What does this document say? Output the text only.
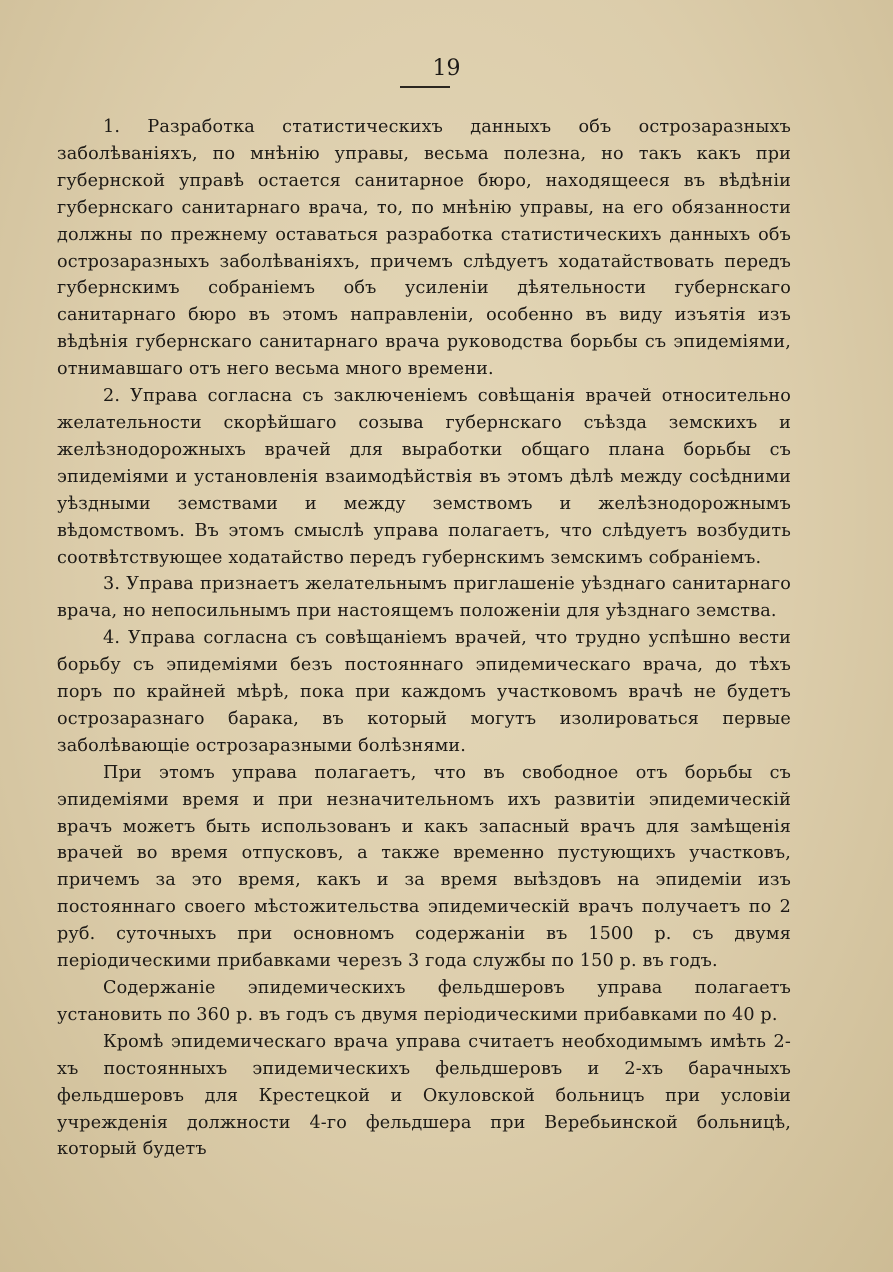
19

1. Разработка статистическихъ данныхъ объ острозаразныхъ заболѣваніяхъ, по мнѣнію управы, весьма полезна, но такъ какъ при губернской управѣ остается санитарное бюро, находящееся въ вѣдѣніи губернскаго санитарнаго врача, то, по мнѣнію управы, на его обязанности должны по прежнему оставаться разработка статистическихъ данныхъ объ острозаразныхъ заболѣваніяхъ, причемъ слѣдуетъ ходатайствовать передъ губернскимъ собраніемъ объ усиленіи дѣятельности губернскаго санитарнаго бюро въ этомъ направленіи, особенно въ виду изъятія изъ вѣдѣнія губернскаго санитарнаго врача руководства борьбы съ эпидеміями, отнимавшаго отъ него весьма много времени.

2. Управа согласна съ заключеніемъ совѣщанія врачей относительно желательности скорѣйшаго созыва губернскаго съѣзда земскихъ и желѣзнодорожныхъ врачей для выработки общаго плана борьбы съ эпидеміями и установленія взаимодѣйствія въ этомъ дѣлѣ между сосѣдними уѣздными земствами и между земствомъ и желѣзнодорожнымъ вѣдомствомъ. Въ этомъ смыслѣ управа полагаетъ, что слѣдуетъ возбудить соотвѣтствующее ходатайство передъ губернскимъ земскимъ собраніемъ.

3. Управа признаетъ желательнымъ приглашеніе уѣзднаго санитарнаго врача, но непосильнымъ при настоящемъ положеніи для уѣзднаго земства.

4. Управа согласна съ совѣщаніемъ врачей, что трудно успѣшно вести борьбу съ эпидеміями безъ постояннаго эпидемическаго врача, до тѣхъ поръ по крайней мѣрѣ, пока при каждомъ участковомъ врачѣ не будетъ острозаразнаго барака, въ который могутъ изолироваться первые заболѣвающіе острозаразными болѣзнями.

При этомъ управа полагаетъ, что въ свободное отъ борьбы съ эпидеміями время и при незначительномъ ихъ развитіи эпидемическій врачъ можетъ быть использованъ и какъ запасный врачъ для замѣщенія врачей во время отпусковъ, а также временно пустующихъ участковъ, причемъ за это время, какъ и за время выѣздовъ на эпидеміи изъ постояннаго своего мѣстожительства эпидемическій врачъ получаетъ по 2 руб. суточныхъ при основномъ содержаніи въ 1500 р. съ двумя періодическими прибавками черезъ 3 года службы по 150 р. въ годъ.

Содержаніе эпидемическихъ фельдшеровъ управа полагаетъ установить по 360 р. въ годъ съ двумя періодическими прибавками по 40 р.

Кромѣ эпидемическаго врача управа считаетъ необходимымъ имѣть 2-хъ постоянныхъ эпидемическихъ фельдшеровъ и 2-хъ барачныхъ фельдшеровъ для Крестецкой и Окуловской больницъ при условіи учрежденія должности 4-го фельдшера при Веребьинской больницѣ, который будетъ
